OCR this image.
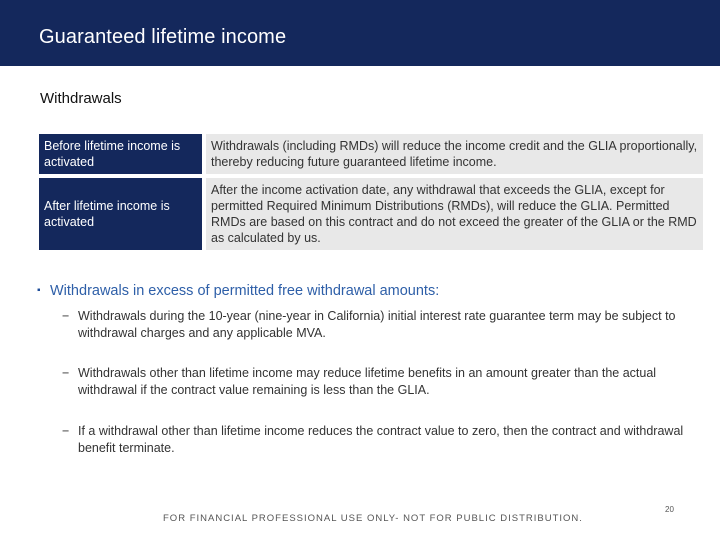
Guaranteed lifetime income
Withdrawals
Before lifetime income is activated
Withdrawals (including RMDs) will reduce the income credit and the GLIA proportionally, thereby reducing future guaranteed lifetime income.
After lifetime income is activated
After the income activation date, any withdrawal that exceeds the GLIA, except for permitted Required Minimum Distributions (RMDs), will reduce the GLIA. Permitted RMDs are based on this contract and do not exceed the greater of the GLIA or the RMD as calculated by us.
▪ Withdrawals in excess of permitted free withdrawal amounts:
− Withdrawals during the 10-year (nine-year in California) initial interest rate guarantee term may be subject to withdrawal charges and any applicable MVA.
− Withdrawals other than lifetime income may reduce lifetime benefits in an amount greater than the actual withdrawal if the contract value remaining is less than the GLIA.
− If a withdrawal other than lifetime income reduces the contract value to zero, then the contract and withdrawal benefit terminate.
FOR FINANCIAL PROFESSIONAL USE ONLY- NOT FOR PUBLIC DISTRIBUTION.
20
